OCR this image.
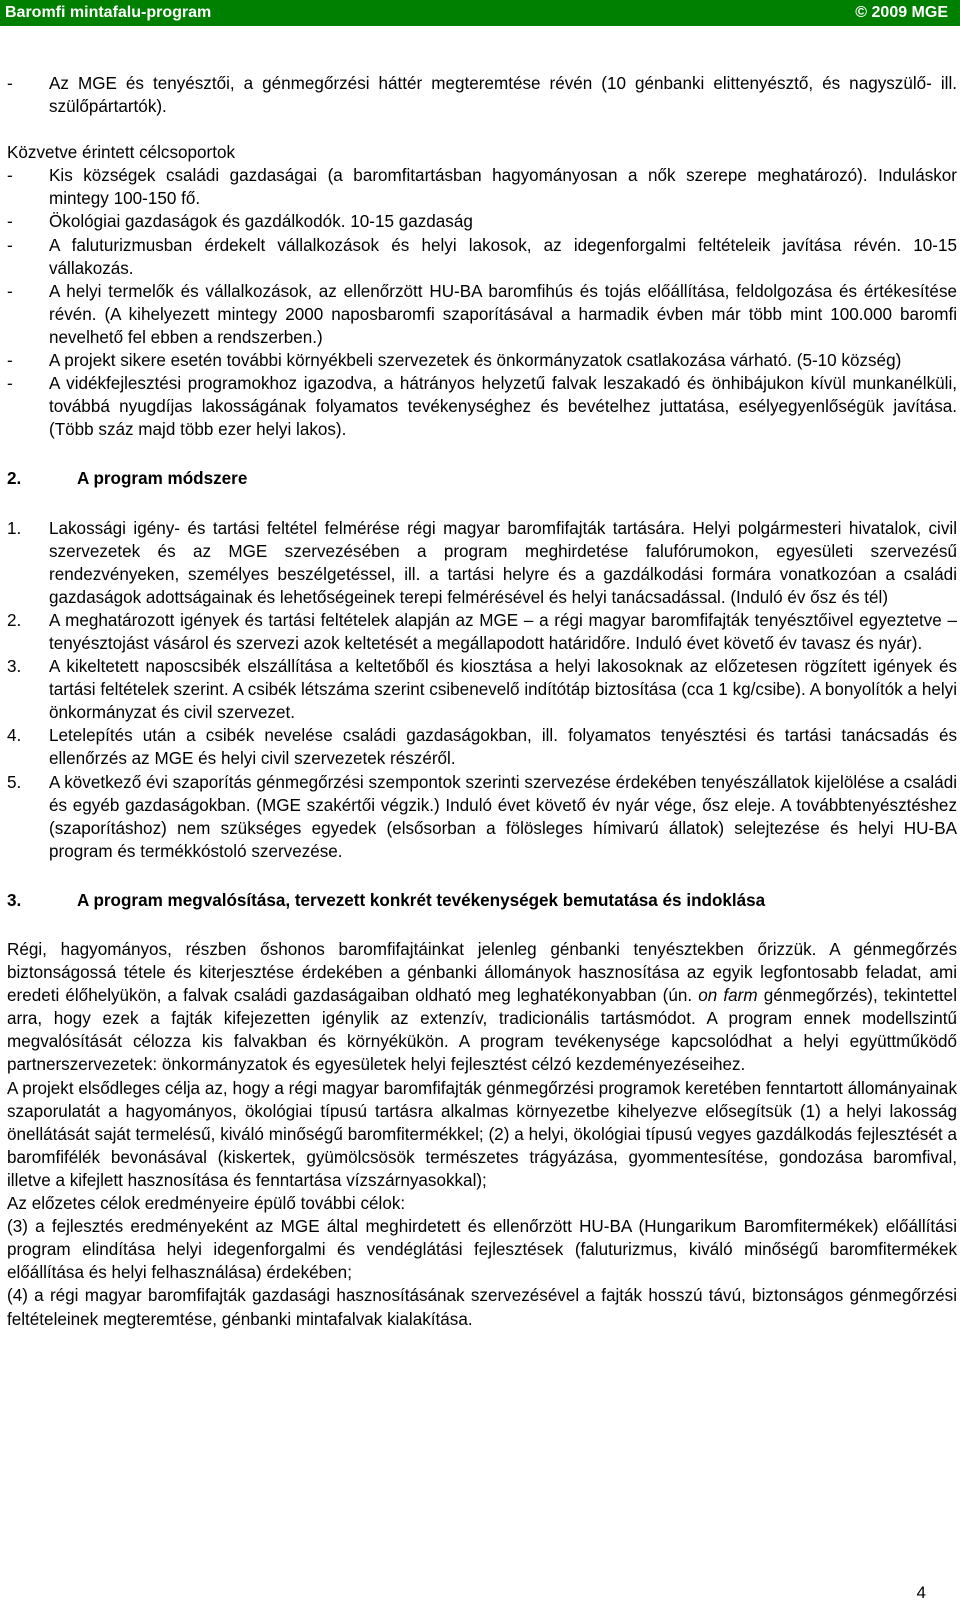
Baromfi mintafalu-program	© 2009 MGE

- Az MGE és tenyésztői, a génmegőrzési háttér megteremtése révén (10 génbanki elittenyésztő, és nagyszülő- ill. szülőpártartók).

Közvetve érintett célcsoportok

- Kis községek családi gazdaságai (a baromfitartásban hagyományosan a nők szerepe meghatározó). Induláskor mintegy 100-150 fő.

- Ökológiai gazdaságok és gazdálkodók. 10-15 gazdaság

- A faluturizmusban érdekelt vállalkozások és helyi lakosok, az idegenforgalmi feltételeik javítása révén. 10-15 vállakozás.

- A helyi termelők és vállalkozások, az ellenőrzött HU-BA baromfihús és tojás előállítása, feldolgozása és értékesítése révén. (A kihelyezett mintegy 2000 naposbaromfi szaporításával a harmadik évben már több mint 100.000 baromfi nevelhető fel ebben a rendszerben.)

- A projekt sikere esetén további környékbeli szervezetek és önkormányzatok csatlakozása várható. (5-10 község)

- A vidékfejlesztési programokhoz igazodva, a hátrányos helyzetű falvak leszakadó és önhibájukon kívül munkanélküli, továbbá nyugdíjas lakosságának folyamatos tevékenységhez és bevételhez juttatása, esélyegyenlőségük javítása. (Több száz majd több ezer helyi lakos).

2.	A program módszere

1. Lakossági igény- és tartási feltétel felmérése régi magyar baromfifajták tartására. Helyi polgármesteri hivatalok, civil szervezetek és az MGE szervezésében a program meghirdetése falufórumokon, egyesületi szervezésű rendezvényeken, személyes beszélgetéssel, ill. a tartási helyre és a gazdálkodási formára vonatkozóan a családi gazdaságok adottságainak és lehetőségeinek terepi felmérésével és helyi tanácsadással. (Induló év ősz és tél)

2. A meghatározott igények és tartási feltételek alapján az MGE – a régi magyar baromfifajták tenyésztőivel egyeztetve – tenyésztojást vásárol és szervezi azok keltetését a megállapodott határidőre. Induló évet követő év tavasz és nyár).

3. A kikeltetett naposcsibék elszállítása a keltetőből és kiosztása a helyi lakosoknak az előzetesen rögzített igények és tartási feltételek szerint. A csibék létszáma szerint csibenevelő indítótáp biztosítása (cca 1 kg/csibe). A bonyolítók a helyi önkormányzat és civil szervezet.

4. Letelepítés után a csibék nevelése családi gazdaságokban, ill. folyamatos tenyésztési és tartási tanácsadás és ellenőrzés az MGE és helyi civil szervezetek részéről.

5. A következő évi szaporítás génmegőrzési szempontok szerinti szervezése érdekében tenyészállatok kijelölése a családi és egyéb gazdaságokban. (MGE szakértői végzik.) Induló évet követő év nyár vége, ősz eleje. A továbbtenyésztéshez (szaporításhoz) nem szükséges egyedek (elsősorban a fölösleges hímivarú állatok) selejtezése és helyi HU-BA program és termékkóstoló szervezése.

3.	A program megvalósítása, tervezett konkrét tevékenységek bemutatása és indoklása

Régi, hagyományos, részben őshonos baromfifajtáinkat jelenleg génbanki tenyésztekben őrizzük. A génmegőrzés biztonságossá tétele és kiterjesztése érdekében a génbanki állományok hasznosítása az egyik legfontosabb feladat, ami eredeti élőhelyükön, a falvak családi gazdaságaiban oldható meg leghatékonyabban (ún. on farm génmegőrzés), tekintettel arra, hogy ezek a fajták kifejezetten igénylik az extenzív, tradicionális tartásmódot. A program ennek modellszintű megvalósítását célozza kis falvakban és környékükön. A program tevékenysége kapcsolódhat a helyi együttműködő partnerszervezetek: önkormányzatok és egyesületek helyi fejlesztést célzó kezdeményezéseihez.

A projekt elsődleges célja az, hogy a régi magyar baromfifajták génmegőrzési programok keretében fenntartott állományainak szaporulatát a hagyományos, ökológiai típusú tartásra alkalmas környezetbe kihelyezve elősegítsük (1) a helyi lakosság önellátását saját termelésű, kiváló minőségű baromfitermékkel; (2) a helyi, ökológiai típusú vegyes gazdálkodás fejlesztését a baromfifélék bevonásával (kiskertek, gyümölcsösök természetes trágyázása, gyommentesítése, gondozása baromfival, illetve a kifejlett hasznosítása és fenntartása vízszárnyasokkal);

Az előzetes célok eredményeire épülő további célok:

(3) a fejlesztés eredményeként az MGE által meghirdetett és ellenőrzött HU-BA (Hungarikum Baromfitermékek) előállítási program elindítása helyi idegenforgalmi és vendéglátási fejlesztések (faluturizmus, kiváló minőségű baromfitermékek előállítása és helyi felhasználása) érdekében;

(4) a régi magyar baromfifajták gazdasági hasznosításának szervezésével a fajták hosszú távú, biztonságos génmegőrzési feltételeinek megteremtése, génbanki mintafalvak kialakítása.

4
